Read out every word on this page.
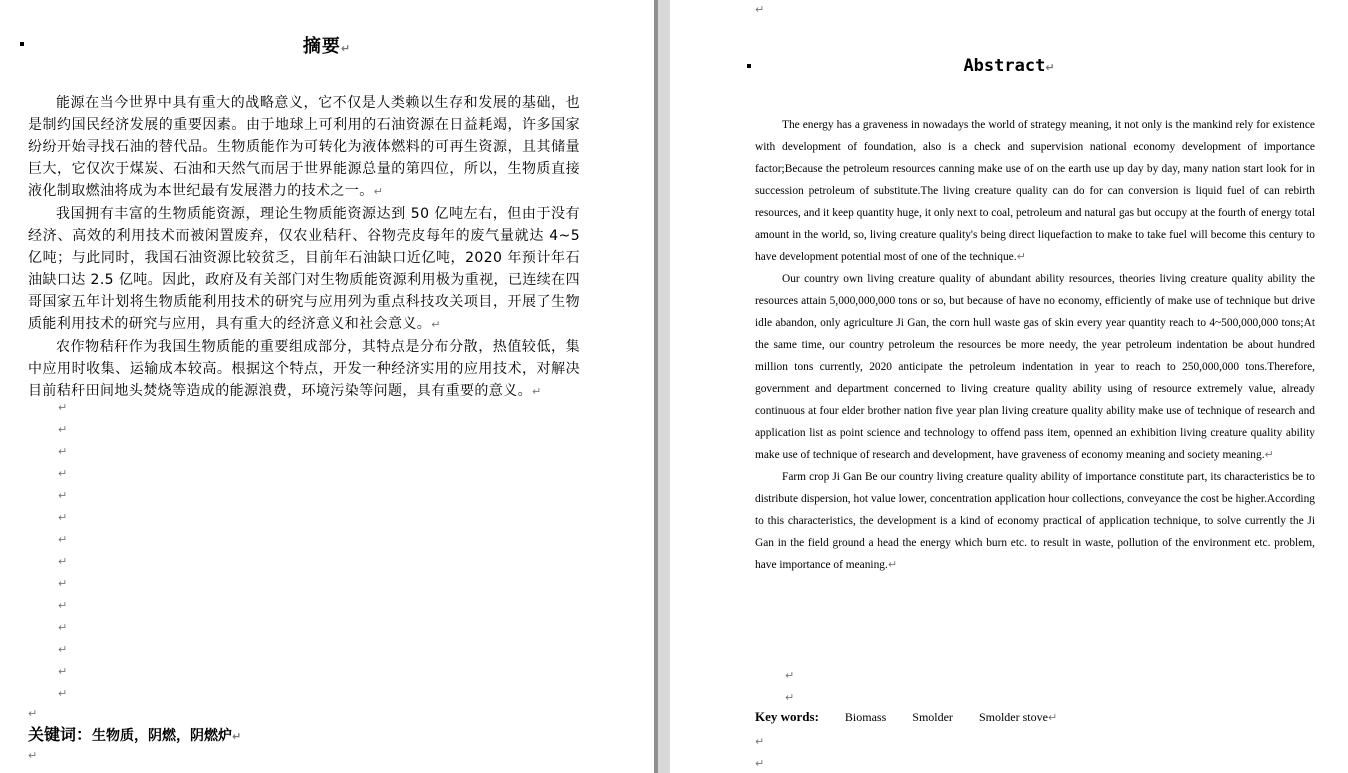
摘要↵

能源在当今世界中具有重大的战略意义，它不仅是人类赖以生存和发展的基础，也是制约国民经济发展的重要因素。由于地球上可利用的石油资源在日益耗竭，许多国家纷纷开始寻找石油的替代品。生物质能作为可转化为液体燃料的可再生资源，且其储量巨大，它仅次于煤炭、石油和天然气而居于世界能源总量的第四位，所以，生物质直接液化制取燃油将成为本世纪最有发展潜力的技术之一。↵

我国拥有丰富的生物质能资源，理论生物质能资源达到 50 亿吨左右，但由于没有经济、高效的利用技术而被闲置废弃，仅农业秸秆、谷物壳皮每年的废气量就达 4~5 亿吨；与此同时，我国石油资源比较贫乏，目前年石油缺口近亿吨，2020 年预计年石油缺口达 2.5 亿吨。因此，政府及有关部门对生物质能资源利用极为重视，已连续在四哥国家五年计划将生物质能利用技术的研究与应用列为重点科技攻关项目，开展了生物质能利用技术的研究与应用，具有重大的经济意义和社会意义。↵

农作物秸秆作为我国生物质能的重要组成部分，其特点是分布分散，热值较低，集中应用时收集、运输成本较高。根据这个特点，开发一种经济实用的应用技术，对解决目前秸秆田间地头焚烧等造成的能源浪费，环境污染等问题，具有重要的意义。↵

↵
↵
↵
↵
↵
↵
↵
↵
↵
↵
↵
↵
↵
↵
↵
关键词：生物质，阴燃，阴燃炉↵
↵
↵
Abstract↵

The energy has a graveness in nowadays the world of strategy meaning, it not only is the mankind rely for existence with development of foundation, also is a check and supervision national economy development of importance factor;Because the petroleum resources canning make use of on the earth use up day by day, many nation start look for in succession petroleum of substitute.The living creature quality can do for can conversion is liquid fuel of can rebirth resources, and it keep quantity huge, it only next to coal, petroleum and natural gas but occupy at the fourth of energy total amount in the world, so, living creature quality's being direct liquefaction to make to take fuel will become this century to have development potential most of one of the technique.↵

Our country own living creature quality of abundant ability resources, theories living creature quality ability the resources attain 5,000,000,000 tons or so, but because of have no economy, efficiently of make use of technique but drive idle abandon, only agriculture Ji Gan, the corn hull waste gas of skin every year quantity reach to 4~500,000,000 tons;At the same time, our country petroleum the resources be more needy, the year petroleum indentation be about hundred million tons currently, 2020 anticipate the petroleum indentation in year to reach to 250,000,000 tons.Therefore, government and department concerned to living creature quality ability using of resource extremely value, already continuous at four elder brother nation five year plan living creature quality ability make use of technique of research and application list as point science and technology to offend pass item, openned an exhibition living creature quality ability make use of technique of research and development, have graveness of economy meaning and society meaning.↵

Farm crop Ji Gan Be our country living creature quality ability of importance constitute part, its characteristics be to distribute dispersion, hot value lower, concentration application hour collections, conveyance the cost be higher.According to this characteristics, the development is a kind of economy practical of application technique, to solve currently the Ji Gan in the field ground a head the energy which burn etc. to result in waste, pollution of the environment etc. problem, have importance of meaning.↵

↵
↵
Key words: Biomass Smolder Smolder stove↵
↵
↵
